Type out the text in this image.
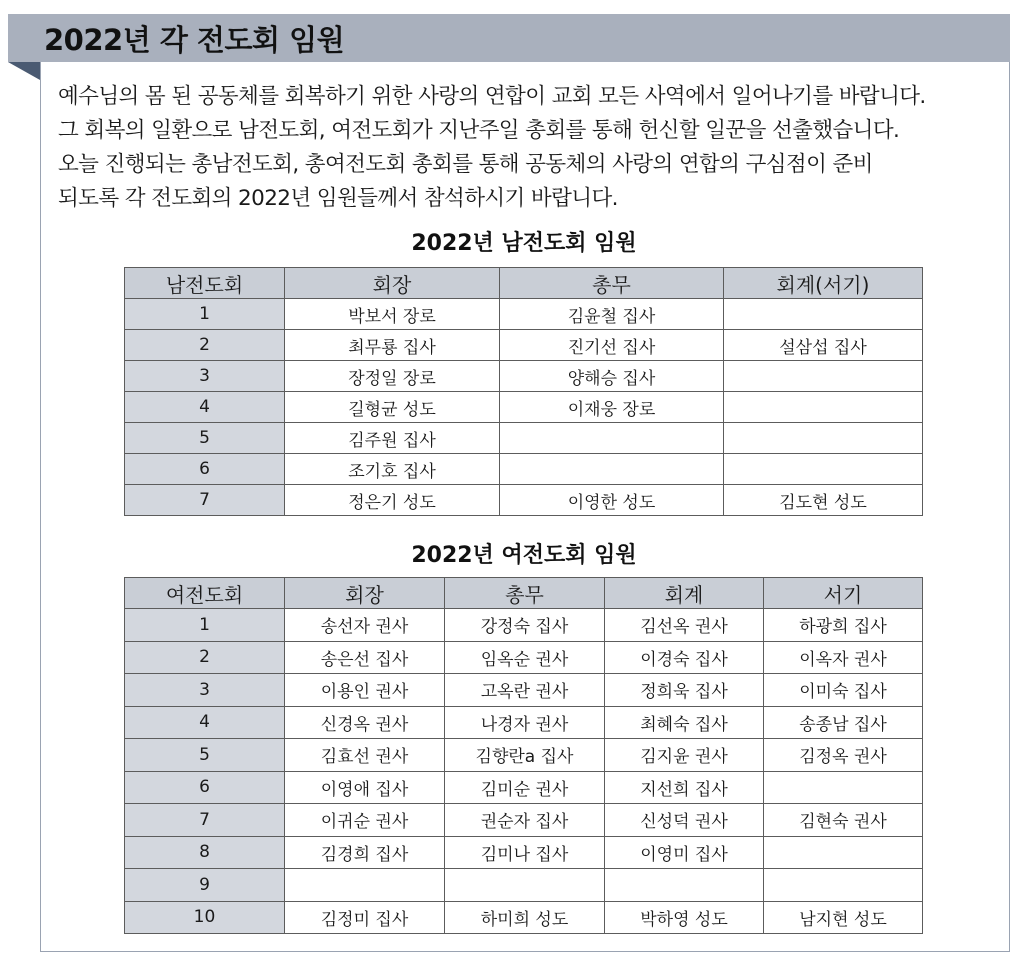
2022년 각 전도회 임원
예수님의 몸 된 공동체를 회복하기 위한 사랑의 연합이 교회 모든 사역에서 일어나기를 바랍니다.
그 회복의 일환으로 남전도회, 여전도회가 지난주일 총회를 통해 헌신할 일꾼을 선출했습니다.
오늘 진행되는 총남전도회, 총여전도회 총회를 통해 공동체의 사랑의 연합의 구심점이 준비
되도록 각 전도회의 2022년 임원들께서 참석하시기 바랍니다.
2022년 남전도회 임원
남전도회	회장	총무	회계(서기)
1	박보서 장로	김윤철 집사	
2	최무룡 집사	진기선 집사	설삼섭 집사
3	장정일 장로	양해승 집사	
4	길형균 성도	이재웅 장로	
5	김주원 집사		
6	조기호 집사		
7	정은기 성도	이영한 성도	김도현 성도
2022년 여전도회 임원
여전도회	회장	총무	회계	서기
1	송선자 권사	강정숙 집사	김선옥 권사	하광희 집사
2	송은선 집사	임옥순 권사	이경숙 집사	이옥자 권사
3	이용인 권사	고옥란 권사	정희욱 집사	이미숙 집사
4	신경옥 권사	나경자 권사	최혜숙 집사	송종남 집사
5	김효선 권사	김향란a 집사	김지윤 권사	김정옥 권사
6	이영애 집사	김미순 권사	지선희 집사	
7	이귀순 권사	권순자 집사	신성덕 권사	김현숙 권사
8	김경희 집사	김미나 집사	이영미 집사	
9				
10	김정미 집사	하미희 성도	박하영 성도	남지현 성도
